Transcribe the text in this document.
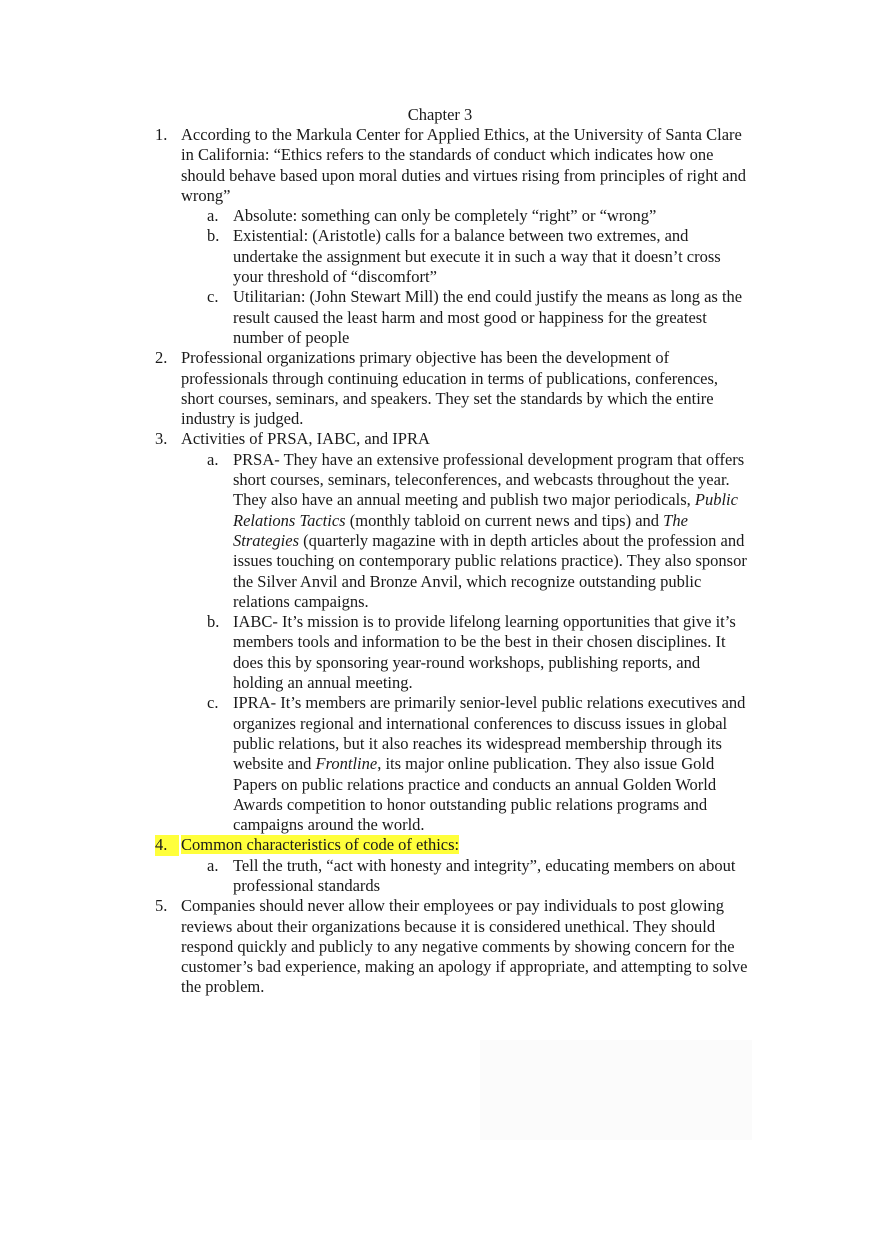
Chapter 3
1. According to the Markula Center for Applied Ethics, at the University of Santa Clare in California: “Ethics refers to the standards of conduct which indicates how one should behave based upon moral duties and virtues rising from principles of right and wrong”
a. Absolute: something can only be completely “right” or “wrong”
b. Existential: (Aristotle) calls for a balance between two extremes, and undertake the assignment but execute it in such a way that it doesn’t cross your threshold of “discomfort”
c. Utilitarian: (John Stewart Mill) the end could justify the means as long as the result caused the least harm and most good or happiness for the greatest number of people
2. Professional organizations primary objective has been the development of professionals through continuing education in terms of publications, conferences, short courses, seminars, and speakers. They set the standards by which the entire industry is judged.
3. Activities of PRSA, IABC, and IPRA
a. PRSA- They have an extensive professional development program that offers short courses, seminars, teleconferences, and webcasts throughout the year. They also have an annual meeting and publish two major periodicals, Public Relations Tactics (monthly tabloid on current news and tips) and The Strategies (quarterly magazine with in depth articles about the profession and issues touching on contemporary public relations practice). They also sponsor the Silver Anvil and Bronze Anvil, which recognize outstanding public relations campaigns.
b. IABC- It’s mission is to provide lifelong learning opportunities that give it’s members tools and information to be the best in their chosen disciplines. It does this by sponsoring year-round workshops, publishing reports, and holding an annual meeting.
c. IPRA- It’s members are primarily senior-level public relations executives and organizes regional and international conferences to discuss issues in global public relations, but it also reaches its widespread membership through its website and Frontline, its major online publication. They also issue Gold Papers on public relations practice and conducts an annual Golden World Awards competition to honor outstanding public relations programs and campaigns around the world.
4. Common characteristics of code of ethics:
a. Tell the truth, “act with honesty and integrity”, educating members on about professional standards
5. Companies should never allow their employees or pay individuals to post glowing reviews about their organizations because it is considered unethical. They should respond quickly and publicly to any negative comments by showing concern for the customer’s bad experience, making an apology if appropriate, and attempting to solve the problem.
